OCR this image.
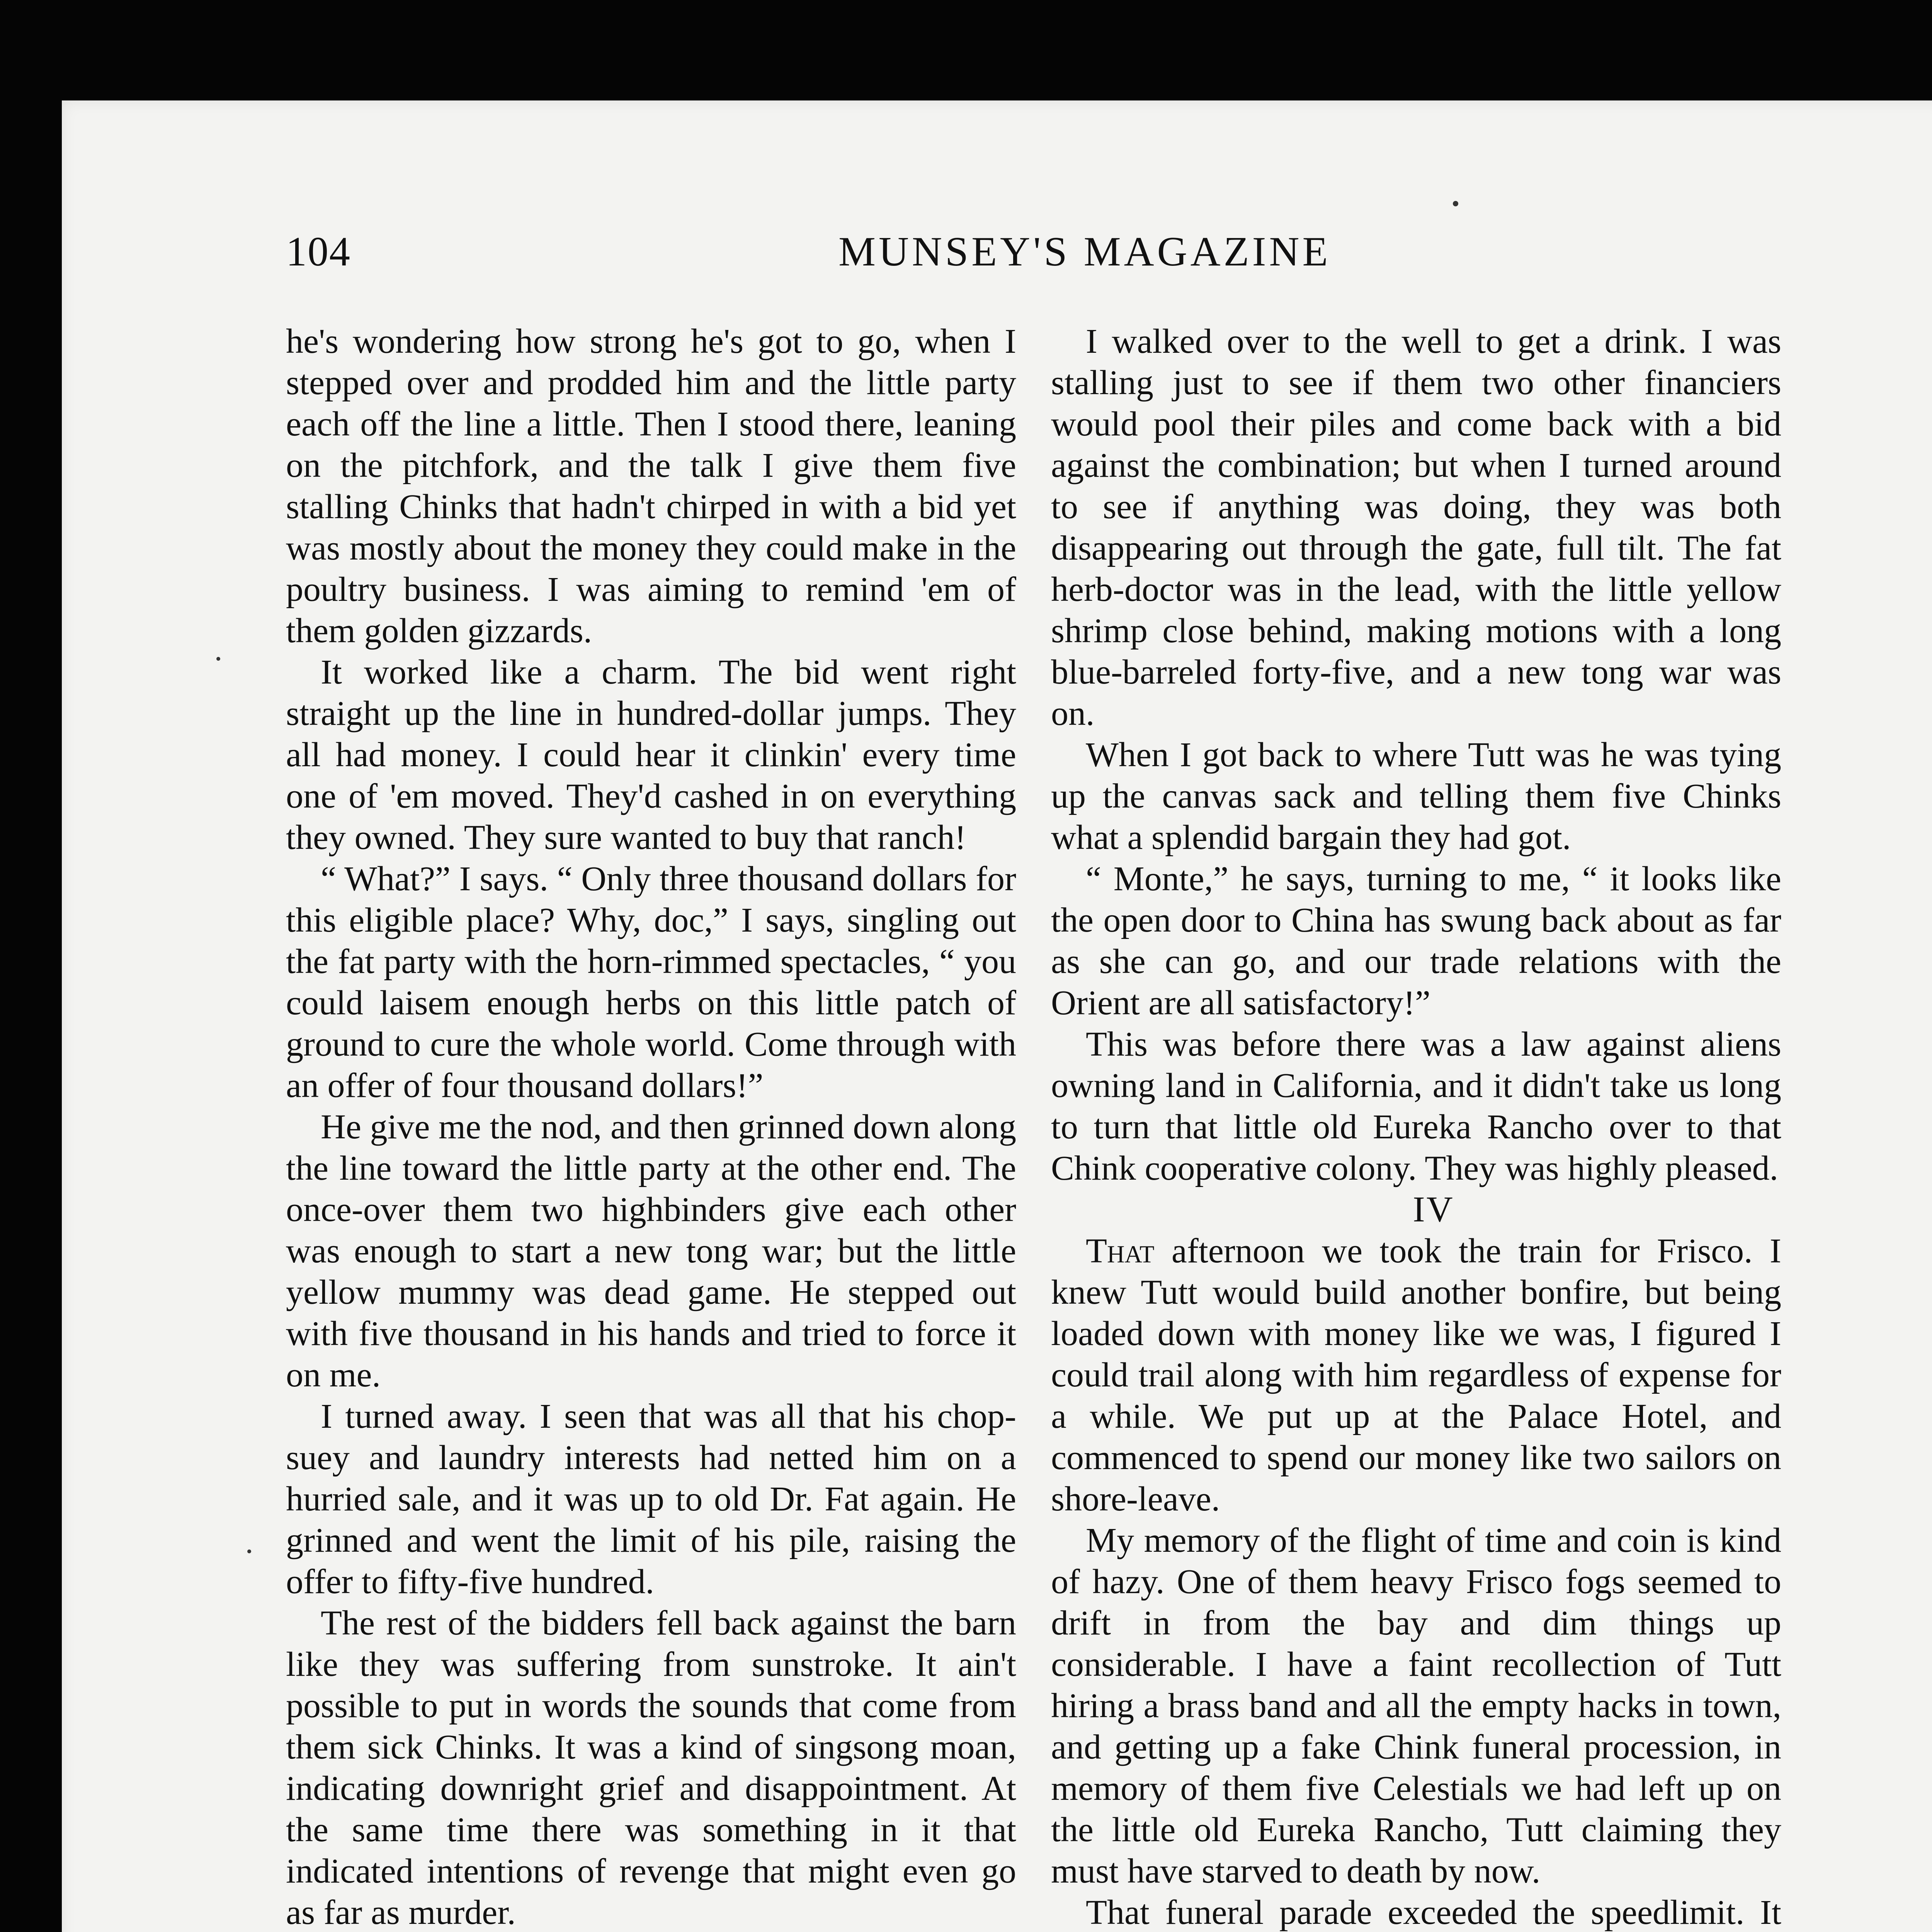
104	MUNSEY'S MAGAZINE

he's wondering how strong he's got to go, when I stepped over and prodded him and the little party each off the line a little. Then I stood there, leaning on the pitchfork, and the talk I give them five stalling Chinks that hadn't chirped in with a bid yet was mostly about the money they could make in the poultry business. I was aiming to remind 'em of them golden gizzards.

It worked like a charm. The bid went right straight up the line in hundred-dollar jumps. They all had money. I could hear it clinkin' every time one of 'em moved. They'd cashed in on everything they owned. They sure wanted to buy that ranch!

“ What?” I says. “ Only three thousand dollars for this eligible place? Why, doc,” I says, singling out the fat party with the horn-rimmed spectacles, “ you could laisem enough herbs on this little patch of ground to cure the whole world. Come through with an offer of four thousand dollars!”

He give me the nod, and then grinned down along the line toward the little party at the other end. The once-over them two highbinders give each other was enough to start a new tong war; but the little yellow mummy was dead game. He stepped out with five thousand in his hands and tried to force it on me.

I turned away. I seen that was all that his chop-suey and laundry interests had netted him on a hurried sale, and it was up to old Dr. Fat again. He grinned and went the limit of his pile, raising the offer to fifty-five hundred.

The rest of the bidders fell back against the barn like they was suffering from sunstroke. It ain't possible to put in words the sounds that come from them sick Chinks. It was a kind of singsong moan, indicating downright grief and disappointment. At the same time there was something in it that indicated intentions of revenge that might even go as far as murder.

I walked over to the well to get a drink. I was stalling just to see if them two other financiers would pool their piles and come back with a bid against the combination; but when I turned around to see if anything was doing, they was both disappearing out through the gate, full tilt. The fat herb-doctor was in the lead, with the little yellow shrimp close behind, making motions with a long blue-barreled forty-five, and a new tong war was on.

When I got back to where Tutt was he was tying up the canvas sack and telling them five Chinks what a splendid bargain they had got.

“ Monte,” he says, turning to me, “ it looks like the open door to China has swung back about as far as she can go, and our trade relations with the Orient are all satisfactory!”

This was before there was a law against aliens owning land in California, and it didn't take us long to turn that little old Eureka Rancho over to that Chink cooperative colony. They was highly pleased.

IV

That afternoon we took the train for Frisco. I knew Tutt would build another bonfire, but being loaded down with money like we was, I figured I could trail along with him regardless of expense for a while. We put up at the Palace Hotel, and commenced to spend our money like two sailors on shore-leave.

My memory of the flight of time and coin is kind of hazy. One of them heavy Frisco fogs seemed to drift in from the bay and dim things up considerable. I have a faint recollection of Tutt hiring a brass band and all the empty hacks in town, and getting up a fake Chink funeral procession, in memory of them five Celestials we had left up on the little old Eureka Rancho, Tutt claiming they must have starved to death by now.

That funeral parade exceeded the speedlimit. It
